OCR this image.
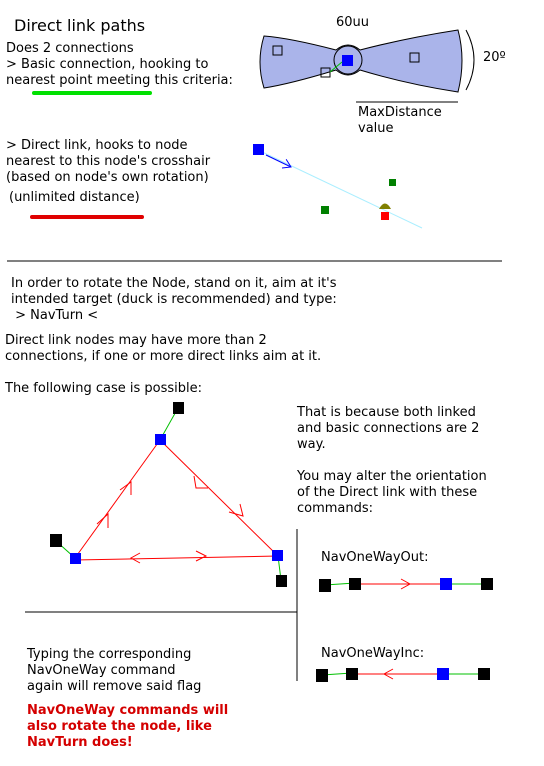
Direct link paths
Does 2 connections
> Basic connection, hooking to
nearest point meeting this criteria:
60uu
20º
MaxDistance
value
> Direct link, hooks to node
nearest to this node's crosshair
(based on node's own rotation)
(unlimited distance)
In order to rotate the Node, stand on it, aim at it's
intended target (duck is recommended) and type:
> NavTurn <
Direct link nodes may have more than 2
connections, if one or more direct links aim at it.
The following case is possible:
That is because both linked
and basic connections are 2
way.
You may alter the orientation
of the Direct link with these
commands:
NavOneWayOut:
NavOneWayInc:
Typing the corresponding
NavOneWay command
again will remove said flag
NavOneWay commands will
also rotate the node, like
NavTurn does!
